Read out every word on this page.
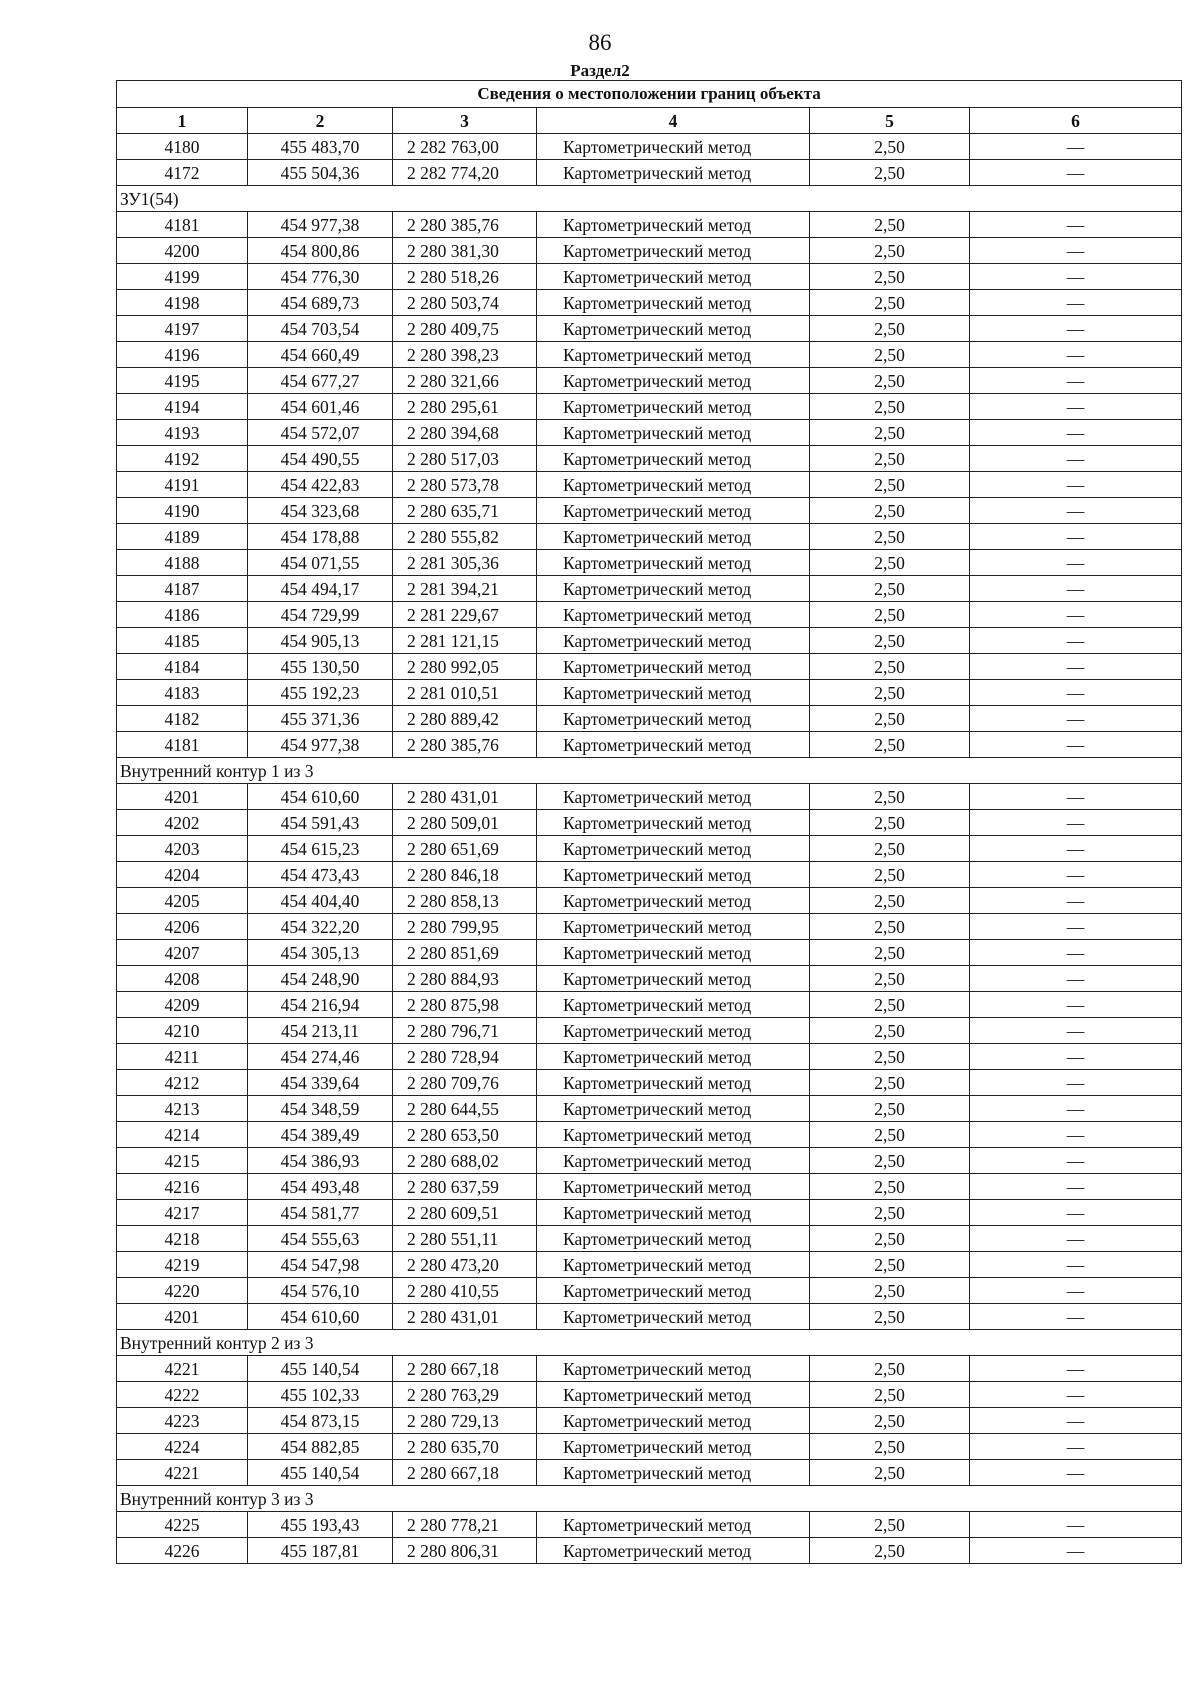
86
Раздел2
Сведения о местоположении границ объекта					
1	2	3	4	5	6
4180	455 483,70	2 282 763,00	Картометрический метод	2,50	—
4172	455 504,36	2 282 774,20	Картометрический метод	2,50	—
ЗУ1(54)					
4181	454 977,38	2 280 385,76	Картометрический метод	2,50	—
4200	454 800,86	2 280 381,30	Картометрический метод	2,50	—
4199	454 776,30	2 280 518,26	Картометрический метод	2,50	—
4198	454 689,73	2 280 503,74	Картометрический метод	2,50	—
4197	454 703,54	2 280 409,75	Картометрический метод	2,50	—
4196	454 660,49	2 280 398,23	Картометрический метод	2,50	—
4195	454 677,27	2 280 321,66	Картометрический метод	2,50	—
4194	454 601,46	2 280 295,61	Картометрический метод	2,50	—
4193	454 572,07	2 280 394,68	Картометрический метод	2,50	—
4192	454 490,55	2 280 517,03	Картометрический метод	2,50	—
4191	454 422,83	2 280 573,78	Картометрический метод	2,50	—
4190	454 323,68	2 280 635,71	Картометрический метод	2,50	—
4189	454 178,88	2 280 555,82	Картометрический метод	2,50	—
4188	454 071,55	2 281 305,36	Картометрический метод	2,50	—
4187	454 494,17	2 281 394,21	Картометрический метод	2,50	—
4186	454 729,99	2 281 229,67	Картометрический метод	2,50	—
4185	454 905,13	2 281 121,15	Картометрический метод	2,50	—
4184	455 130,50	2 280 992,05	Картометрический метод	2,50	—
4183	455 192,23	2 281 010,51	Картометрический метод	2,50	—
4182	455 371,36	2 280 889,42	Картометрический метод	2,50	—
4181	454 977,38	2 280 385,76	Картометрический метод	2,50	—
Внутренний контур 1 из 3					
4201	454 610,60	2 280 431,01	Картометрический метод	2,50	—
4202	454 591,43	2 280 509,01	Картометрический метод	2,50	—
4203	454 615,23	2 280 651,69	Картометрический метод	2,50	—
4204	454 473,43	2 280 846,18	Картометрический метод	2,50	—
4205	454 404,40	2 280 858,13	Картометрический метод	2,50	—
4206	454 322,20	2 280 799,95	Картометрический метод	2,50	—
4207	454 305,13	2 280 851,69	Картометрический метод	2,50	—
4208	454 248,90	2 280 884,93	Картометрический метод	2,50	—
4209	454 216,94	2 280 875,98	Картометрический метод	2,50	—
4210	454 213,11	2 280 796,71	Картометрический метод	2,50	—
4211	454 274,46	2 280 728,94	Картометрический метод	2,50	—
4212	454 339,64	2 280 709,76	Картометрический метод	2,50	—
4213	454 348,59	2 280 644,55	Картометрический метод	2,50	—
4214	454 389,49	2 280 653,50	Картометрический метод	2,50	—
4215	454 386,93	2 280 688,02	Картометрический метод	2,50	—
4216	454 493,48	2 280 637,59	Картометрический метод	2,50	—
4217	454 581,77	2 280 609,51	Картометрический метод	2,50	—
4218	454 555,63	2 280 551,11	Картометрический метод	2,50	—
4219	454 547,98	2 280 473,20	Картометрический метод	2,50	—
4220	454 576,10	2 280 410,55	Картометрический метод	2,50	—
4201	454 610,60	2 280 431,01	Картометрический метод	2,50	—
Внутренний контур 2 из 3					
4221	455 140,54	2 280 667,18	Картометрический метод	2,50	—
4222	455 102,33	2 280 763,29	Картометрический метод	2,50	—
4223	454 873,15	2 280 729,13	Картометрический метод	2,50	—
4224	454 882,85	2 280 635,70	Картометрический метод	2,50	—
4221	455 140,54	2 280 667,18	Картометрический метод	2,50	—
Внутренний контур 3 из 3					
4225	455 193,43	2 280 778,21	Картометрический метод	2,50	—
4226	455 187,81	2 280 806,31	Картометрический метод	2,50	—
